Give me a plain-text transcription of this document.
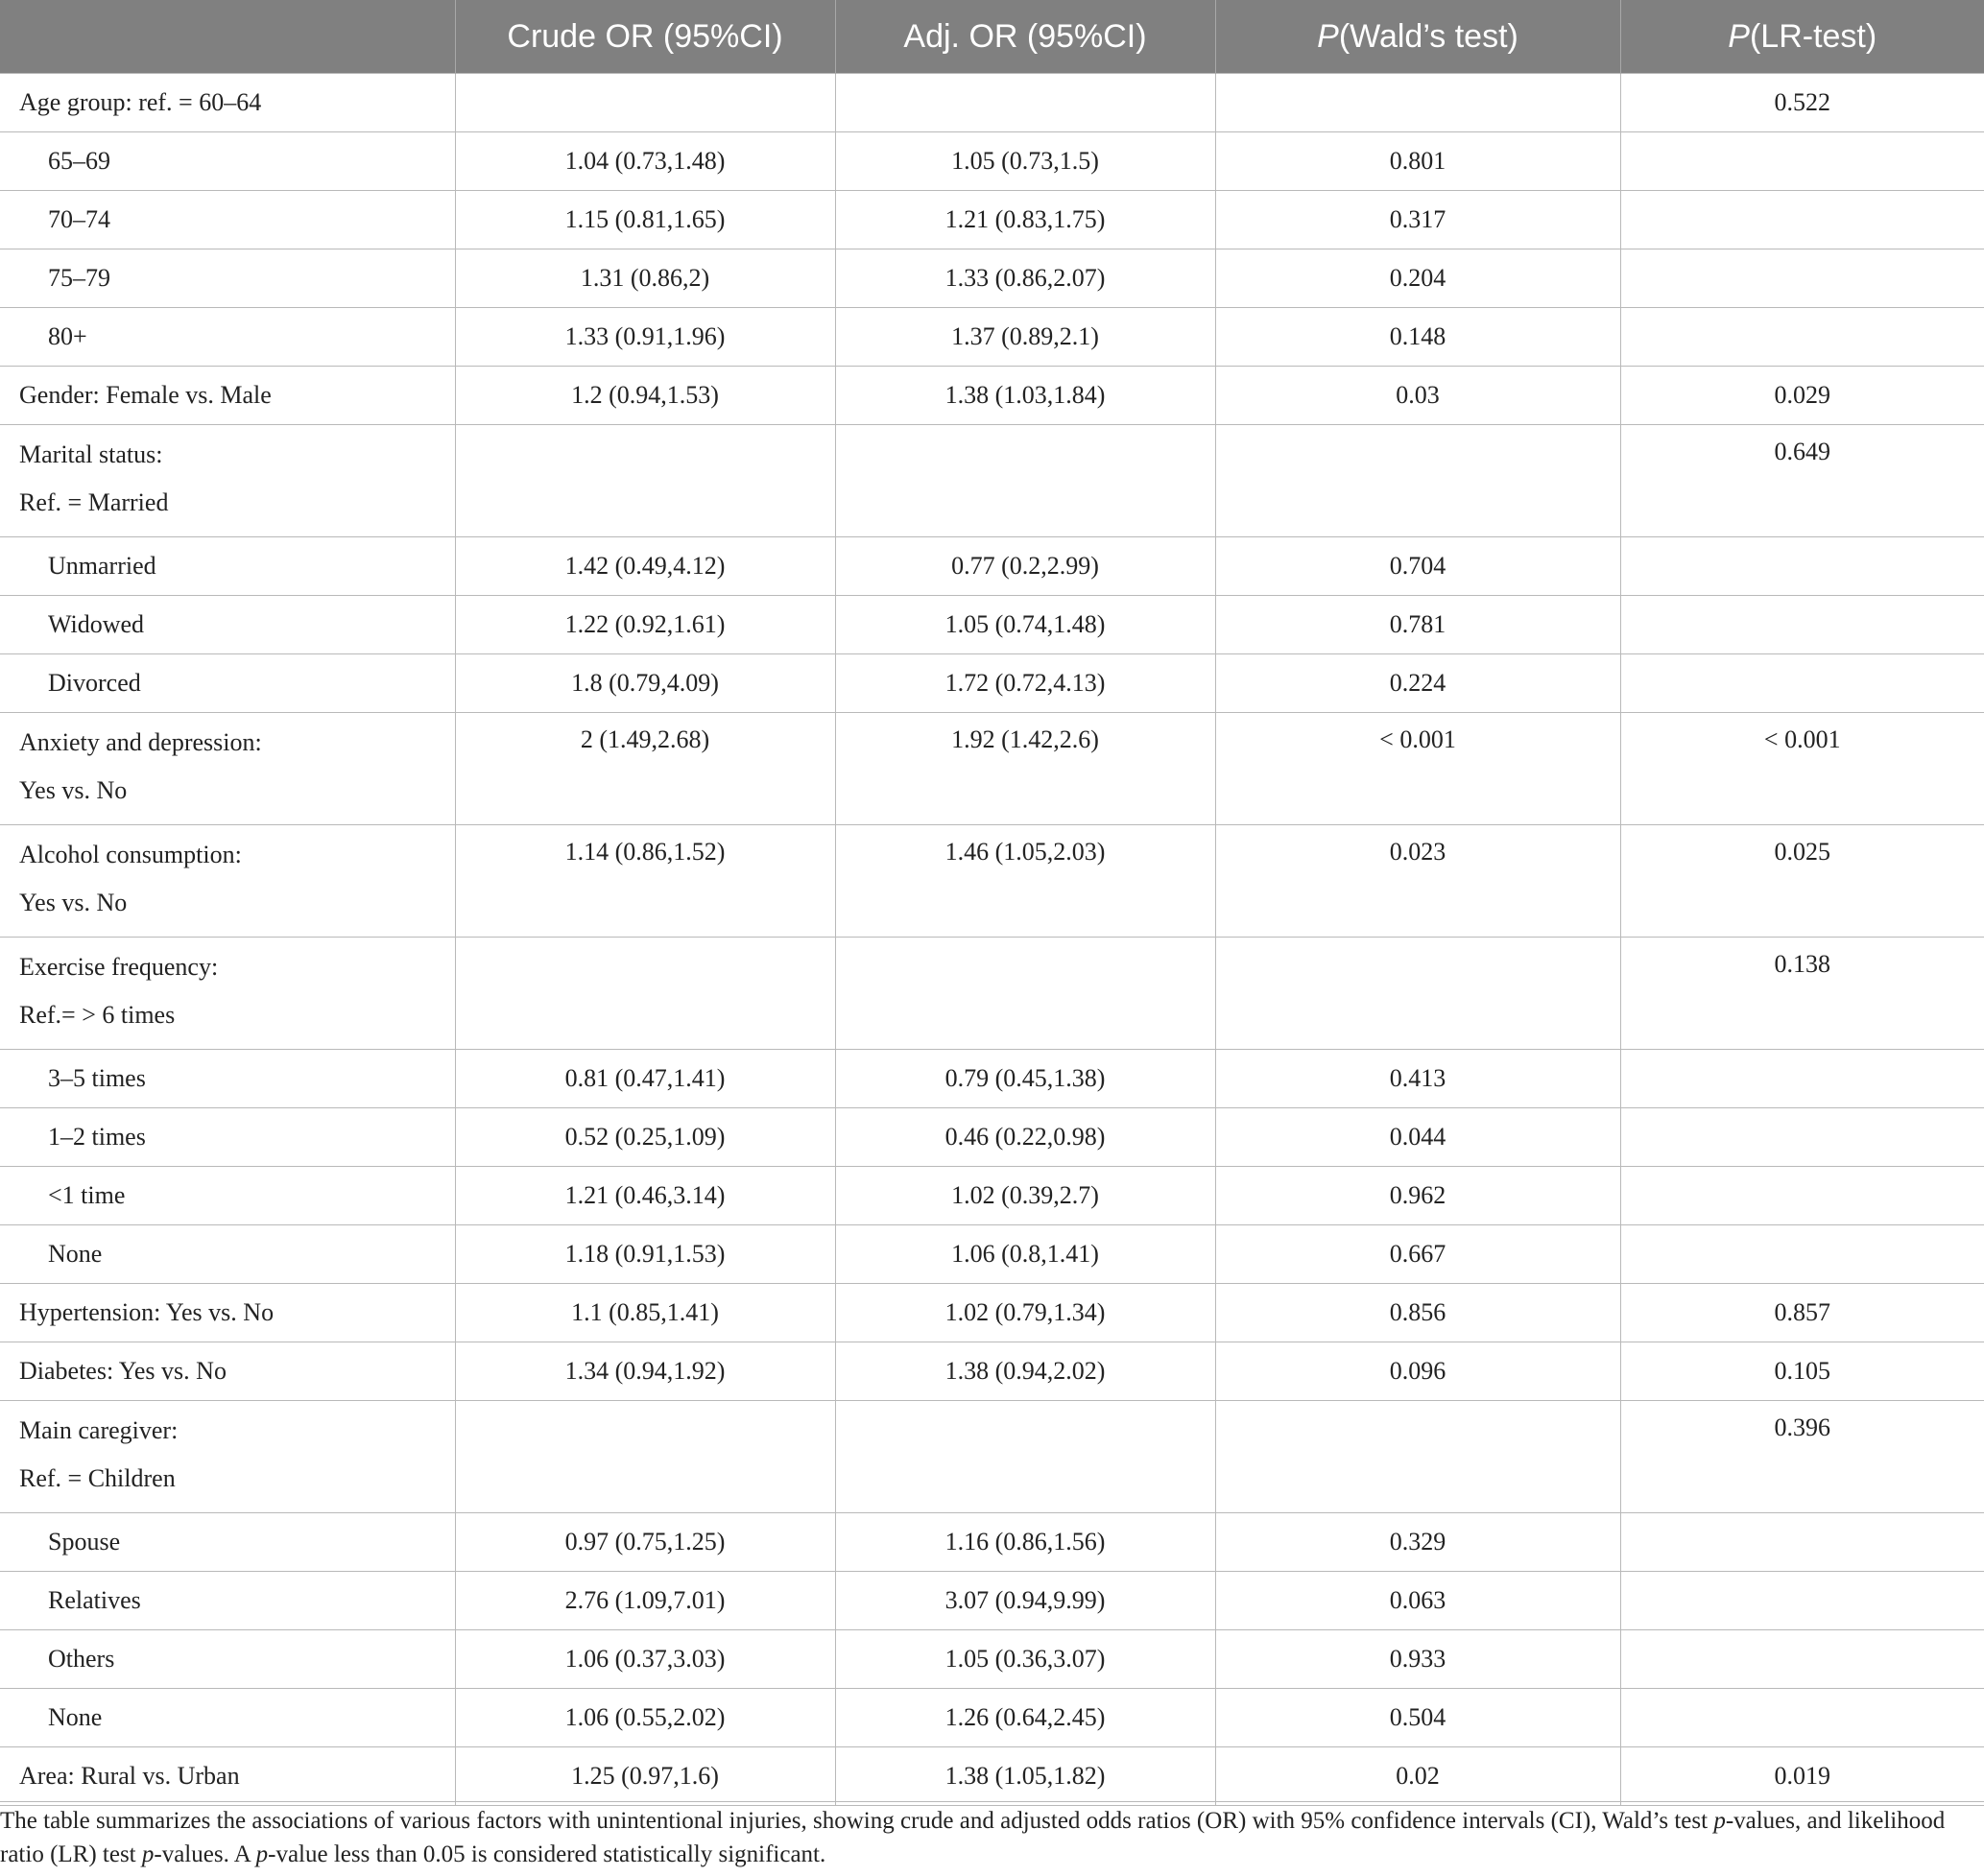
	Crude OR (95%CI)	Adj. OR (95%CI)	P(Wald’s test)	P(LR-test)
Age group: ref. = 60–64				0.522
65–69	1.04 (0.73,1.48)	1.05 (0.73,1.5)	0.801	
70–74	1.15 (0.81,1.65)	1.21 (0.83,1.75)	0.317	
75–79	1.31 (0.86,2)	1.33 (0.86,2.07)	0.204	
80+	1.33 (0.91,1.96)	1.37 (0.89,2.1)	0.148	
Gender: Female vs. Male	1.2 (0.94,1.53)	1.38 (1.03,1.84)	0.03	0.029

Marital status:
Ref. = Married				0.649

Unmarried	1.42 (0.49,4.12)	0.77 (0.2,2.99)	0.704	
Widowed	1.22 (0.92,1.61)	1.05 (0.74,1.48)	0.781	
Divorced	1.8 (0.79,4.09)	1.72 (0.72,4.13)	0.224	

Anxiety and depression:
Yes vs. No	2 (1.49,2.68)	1.92 (1.42,2.6)	< 0.001	< 0.001

Alcohol consumption:
Yes vs. No	1.14 (0.86,1.52)	1.46 (1.05,2.03)	0.023	0.025

Exercise frequency:
Ref.= > 6 times				0.138

3–5 times	0.81 (0.47,1.41)	0.79 (0.45,1.38)	0.413	
1–2 times	0.52 (0.25,1.09)	0.46 (0.22,0.98)	0.044	
<1 time	1.21 (0.46,3.14)	1.02 (0.39,2.7)	0.962	
None	1.18 (0.91,1.53)	1.06 (0.8,1.41)	0.667	
Hypertension: Yes vs. No	1.1 (0.85,1.41)	1.02 (0.79,1.34)	0.856	0.857
Diabetes: Yes vs. No	1.34 (0.94,1.92)	1.38 (0.94,2.02)	0.096	0.105

Main caregiver:
Ref. = Children				0.396

Spouse	0.97 (0.75,1.25)	1.16 (0.86,1.56)	0.329	
Relatives	2.76 (1.09,7.01)	3.07 (0.94,9.99)	0.063	
Others	1.06 (0.37,3.03)	1.05 (0.36,3.07)	0.933	
None	1.06 (0.55,2.02)	1.26 (0.64,2.45)	0.504	
Area: Rural vs. Urban	1.25 (0.97,1.6)	1.38 (1.05,1.82)	0.02	0.019

The table summarizes the associations of various factors with unintentional injuries, showing crude and adjusted odds ratios (OR) with 95% confidence intervals (CI), Wald’s test p-values, and likelihood ratio (LR) test p-values. A p-value less than 0.05 is considered statistically significant.
